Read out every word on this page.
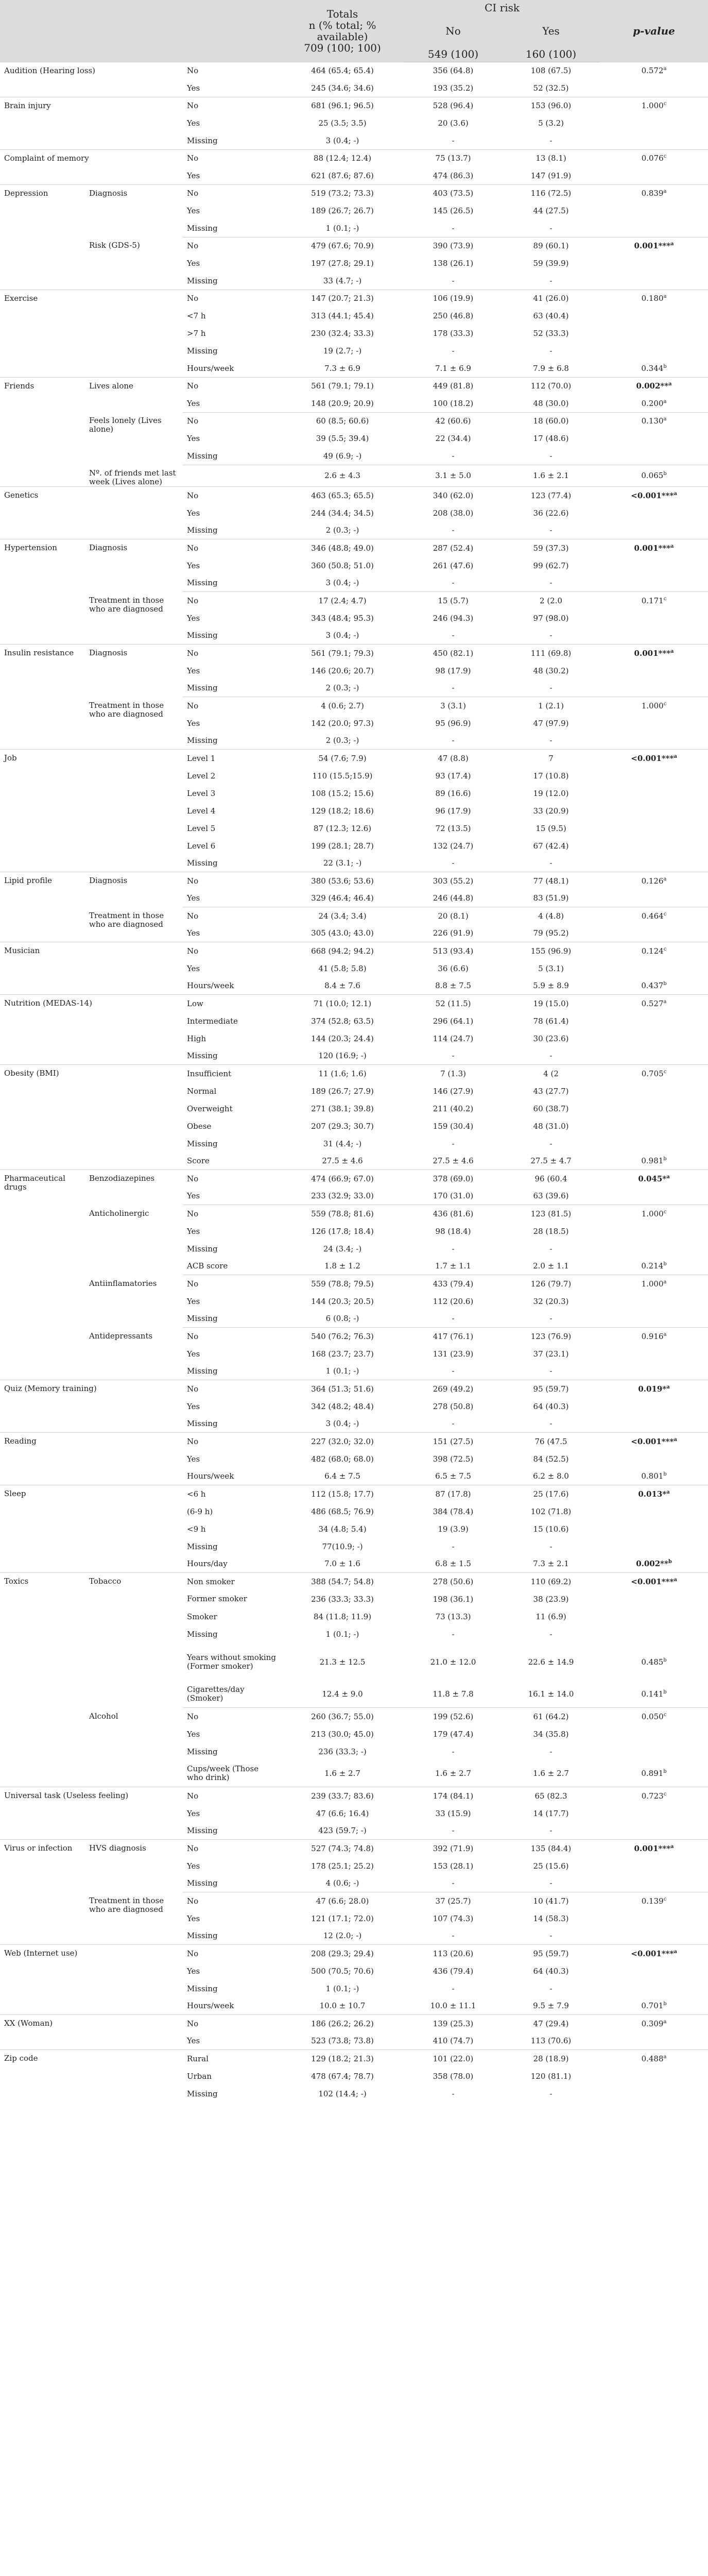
			Totals
n (% total; % available)
709 (100; 100)	CI risk		p-value

				No	Yes	
				549 (100)	160 (100)	
Audition (Hearing loss)		No	464 (65.4; 65.4)	356 (64.8)	108 (67.5)	0.572$^a$
		Yes	245 (34.6; 34.6)	193 (35.2)	52 (32.5)	
Brain injury		No	681 (96.1; 96.5)	528 (96.4)	153 (96.0)	1.000$^c$
		Yes	25 (3.5; 3.5)	20 (3.6)	5 (3.2)	
		Missing	3 (0.4; -)	-	-	
Complaint of memory		No	88 (12.4; 12.4)	75 (13.7)	13 (8.1)	0.076$^c$
		Yes	621 (87.6; 87.6)	474 (86.3)	147 (91.9)	
Depression	Diagnosis	No	519 (73.2; 73.3)	403 (73.5)	116 (72.5)	0.839$^a$
		Yes	189 (26.7; 26.7)	145 (26.5)	44 (27.5)	
		Missing	1 (0.1; -)	-	-	
	Risk (GDS-5)	No	479 (67.6; 70.9)	390 (73.9)	89 (60.1)	0.001***$^a$
		Yes	197 (27.8; 29.1)	138 (26.1)	59 (39.9)	
		Missing	33 (4.7; -)	-	-	
Exercise		No	147 (20.7; 21.3)	106 (19.9)	41 (26.0)	0.180$^a$
		<7 h	313 (44.1; 45.4)	250 (46.8)	63 (40.4)	
		>7 h	230 (32.4; 33.3)	178 (33.3)	52 (33.3)	
		Missing	19 (2.7; -)	-	-	
		Hours/week	7.3 ± 6.9	7.1 ± 6.9	7.9 ± 6.8	0.344$^b$
Friends	Lives alone	No	561 (79.1; 79.1)	449 (81.8)	112 (70.0)	0.002**$^a$
		Yes	148 (20.9; 20.9)	100 (18.2)	48 (30.0)	0.200$^a$
	Feels lonely (Lives alone)	No	60 (8.5; 60.6)	42 (60.6)	18 (60.0)	0.130$^a$
		Yes	39 (5.5; 39.4)	22 (34.4)	17 (48.6)	
		Missing	49 (6.9; -)	-	-	
	Nº. of friends met last week (Lives alone)		2.6 ± 4.3	3.1 ± 5.0	1.6 ± 2.1	0.065$^b$
Genetics		No	463 (65.3; 65.5)	340 (62.0)	123 (77.4)	<0.001***$^a$
		Yes	244 (34.4; 34.5)	208 (38.0)	36 (22.6)	
		Missing	2 (0.3; -)	-	-	
Hypertension	Diagnosis	No	346 (48.8; 49.0)	287 (52.4)	59 (37.3)	0.001***$^a$
		Yes	360 (50.8; 51.0)	261 (47.6)	99 (62.7)	
		Missing	3 (0.4; -)	-	-	
	Treatment in those who are diagnosed	No	17 (2.4; 4.7)	15 (5.7)	2 (2.0	0.171$^c$
		Yes	343 (48.4; 95.3)	246 (94.3)	97 (98.0)	
		Missing	3 (0.4; -)	-	-	
Insulin resistance	Diagnosis	No	561 (79.1; 79.3)	450 (82.1)	111 (69.8)	0.001***$^a$
		Yes	146 (20.6; 20.7)	98 (17.9)	48 (30.2)	
		Missing	2 (0.3; -)	-	-	
	Treatment in those who are diagnosed	No	4 (0.6; 2.7)	3 (3.1)	1 (2.1)	1.000$^c$
		Yes	142 (20.0; 97.3)	95 (96.9)	47 (97.9)	
		Missing	2 (0.3; -)	-	-	
Job		Level 1	54 (7.6; 7.9)	47 (8.8)	7	<0.001***$^a$
		Level 2	110 (15.5;15.9)	93 (17.4)	17 (10.8)	
		Level 3	108 (15.2; 15.6)	89 (16.6)	19 (12.0)	
		Level 4	129 (18.2; 18.6)	96 (17.9)	33 (20.9)	
		Level 5	87 (12.3; 12.6)	72 (13.5)	15 (9.5)	
		Level 6	199 (28.1; 28.7)	132 (24.7)	67 (42.4)	
		Missing	22 (3.1; -)	-	-	
Lipid profile	Diagnosis	No	380 (53.6; 53.6)	303 (55.2)	77 (48.1)	0.126$^a$
		Yes	329 (46.4; 46.4)	246 (44.8)	83 (51.9)	
	Treatment in those who are diagnosed	No	24 (3.4; 3.4)	20 (8.1)	4 (4.8)	0.464$^c$
		Yes	305 (43.0; 43.0)	226 (91.9)	79 (95.2)	
Musician		No	668 (94.2; 94.2)	513 (93.4)	155 (96.9)	0.124$^c$
		Yes	41 (5.8; 5.8)	36 (6.6)	5 (3.1)	
		Hours/week	8.4 ± 7.6	8.8 ± 7.5	5.9 ± 8.9	0.437$^b$
Nutrition (MEDAS-14)		Low	71 (10.0; 12.1)	52 (11.5)	19 (15.0)	0.527$^a$
		Intermediate	374 (52.8; 63.5)	296 (64.1)	78 (61.4)	
		High	144 (20.3; 24.4)	114 (24.7)	30 (23.6)	
		Missing	120 (16.9; -)	-	-	
Obesity (BMI)		Insufficient	11 (1.6; 1.6)	7 (1.3)	4 (2	0.705$^c$
		Normal	189 (26.7; 27.9)	146 (27.9)	43 (27.7)	
		Overweight	271 (38.1; 39.8)	211 (40.2)	60 (38.7)	
		Obese	207 (29.3; 30.7)	159 (30.4)	48 (31.0)	
		Missing	31 (4.4; -)	-	-	
		Score	27.5 ± 4.6	27.5 ± 4.6	27.5 ± 4.7	0.981$^b$
Pharmaceutical drugs	Benzodiazepines	No	474 (66.9; 67.0)	378 (69.0)	96 (60.4	0.045*$^a$
		Yes	233 (32.9; 33.0)	170 (31.0)	63 (39.6)	
	Anticholinergic	No	559 (78.8; 81.6)	436 (81.6)	123 (81.5)	1.000$^c$
		Yes	126 (17.8; 18.4)	98 (18.4)	28 (18.5)	
		Missing	24 (3.4; -)	-	-	
		ACB score	1.8 ± 1.2	1.7 ± 1.1	2.0 ± 1.1	0.214$^b$
	Antiinflamatories	No	559 (78.8; 79.5)	433 (79.4)	126 (79.7)	1.000$^a$
		Yes	144 (20.3; 20.5)	112 (20.6)	32 (20.3)	
		Missing	6 (0.8; -)	-	-	
	Antidepressants	No	540 (76.2; 76.3)	417 (76.1)	123 (76.9)	0.916$^a$
		Yes	168 (23.7; 23.7)	131 (23.9)	37 (23.1)	
		Missing	1 (0.1; -)	-	-	
Quiz (Memory training)		No	364 (51.3; 51.6)	269 (49.2)	95 (59.7)	0.019*$^a$
		Yes	342 (48.2; 48.4)	278 (50.8)	64 (40.3)	
		Missing	3 (0.4; -)	-	-	
Reading		No	227 (32.0; 32.0)	151 (27.5)	76 (47.5	<0.001***$^a$
		Yes	482 (68.0; 68.0)	398 (72.5)	84 (52.5)	
		Hours/week	6.4 ± 7.5	6.5 ± 7.5	6.2 ± 8.0	0.801$^b$
Sleep		<6 h	112 (15.8; 17.7)	87 (17.8)	25 (17.6)	0.013*$^a$
		(6-9 h)	486 (68.5; 76.9)	384 (78.4)	102 (71.8)	
		<9 h	34 (4.8; 5.4)	19 (3.9)	15 (10.6)	
		Missing	77(10.9; -)	-	-	
		Hours/day	7.0 ± 1.6	6.8 ± 1.5	7.3 ± 2.1	0.002**$^b$
Toxics	Tobacco	Non smoker	388 (54.7; 54.8)	278 (50.6)	110 (69.2)	<0.001***$^a$
		Former smoker	236 (33.3; 33.3)	198 (36.1)	38 (23.9)	
		Smoker	84 (11.8; 11.9)	73 (13.3)	11 (6.9)	
		Missing	1 (0.1; -)	-	-	
		Years without smoking (Former smoker)	21.3 ± 12.5	21.0 ± 12.0	22.6 ± 14.9	0.485$^b$
		Cigarettes/day (Smoker)	12.4 ± 9.0	11.8 ± 7.8	16.1 ± 14.0	0.141$^b$
	Alcohol	No	260 (36.7; 55.0)	199 (52.6)	61 (64.2)	0.050$^c$
		Yes	213 (30.0; 45.0)	179 (47.4)	34 (35.8)	
		Missing	236 (33.3; -)	-	-	
		Cups/week (Those who drink)	1.6 ± 2.7	1.6 ± 2.7	1.6 ± 2.7	0.891$^b$
Universal task (Useless feeling)		No	239 (33.7; 83.6)	174 (84.1)	65 (82.3	0.723$^c$
		Yes	47 (6.6; 16.4)	33 (15.9)	14 (17.7)	
		Missing	423 (59.7; -)	-	-	
Virus or infection	HVS diagnosis	No	527 (74.3; 74.8)	392 (71.9)	135 (84.4)	0.001***$^a$
		Yes	178 (25.1; 25.2)	153 (28.1)	25 (15.6)	
		Missing	4 (0.6; -)	-	-	
	Treatment in those who are diagnosed	No	47 (6.6; 28.0)	37 (25.7)	10 (41.7)	0.139$^c$
		Yes	121 (17.1; 72.0)	107 (74.3)	14 (58.3)	
		Missing	12 (2.0; -)	-	-	
Web (Internet use)		No	208 (29.3; 29.4)	113 (20.6)	95 (59.7)	<0.001***$^a$
		Yes	500 (70.5; 70.6)	436 (79.4)	64 (40.3)	
		Missing	1 (0.1; -)	-	-	
		Hours/week	10.0 ± 10.7	10.0 ± 11.1	9.5 ± 7.9	0.701$^b$
XX (Woman)		No	186 (26.2; 26.2)	139 (25.3)	47 (29.4)	0.309$^a$
		Yes	523 (73.8; 73.8)	410 (74.7)	113 (70.6)	
Zip code		Rural	129 (18.2; 21.3)	101 (22.0)	28 (18.9)	0.488$^a$
		Urban	478 (67.4; 78.7)	358 (78.0)	120 (81.1)	
		Missing	102 (14.4; -)	-	-	
